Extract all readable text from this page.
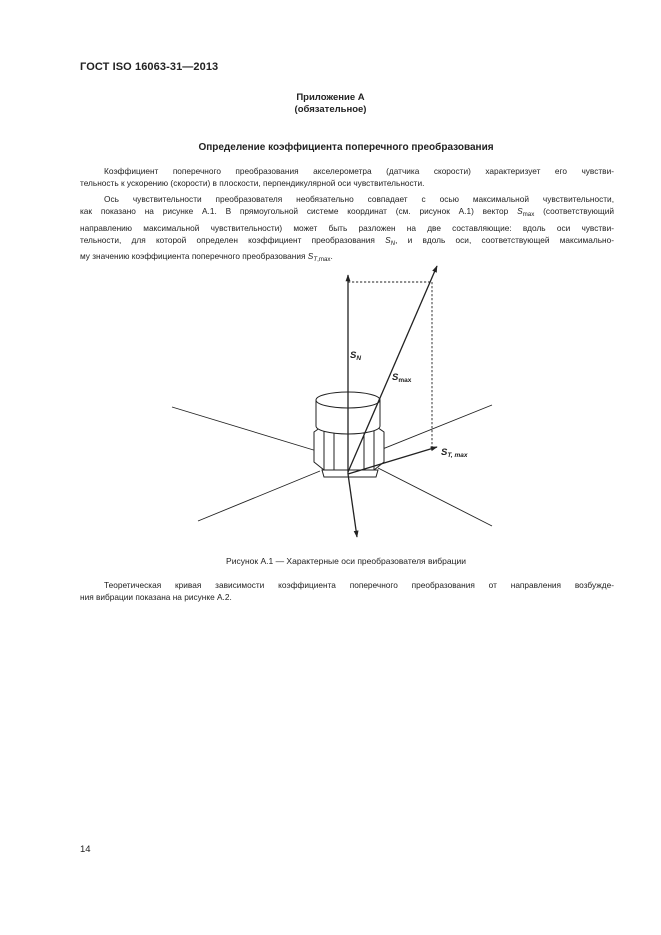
ГОСТ ISO 16063-31—2013
Приложение А
(обязательное)
Определение коэффициента поперечного преобразования
Коэффициент поперечного преобразования акселерометра (датчика скорости) характеризует его чувстви-
тельность к ускорению (скорости) в плоскости, перпендикулярной оси чувствительности.
Ось чувствительности преобразователя необязательно совпадает с осью максимальной чувствительности,
как показано на рисунке А.1. В прямоугольной системе координат (см. рисунок А.1) вектор $S_{max}$ (соответствующий
направлению максимальной чувствительности) может быть разложен на две составляющие: вдоль оси чувстви-
тельности, для которой определен коэффициент преобразования $S_N$, и вдоль оси, соответствующей максимально-
му значению коэффициента поперечного преобразования $S_{T,max}$.
$S_N$
$S_{max}$
$S_{T, max}$
Рисунок А.1 — Характерные оси преобразователя вибрации
Теоретическая кривая зависимости коэффициента поперечного преобразования от направления возбужде-
ния вибрации показана на рисунке А.2.
14
